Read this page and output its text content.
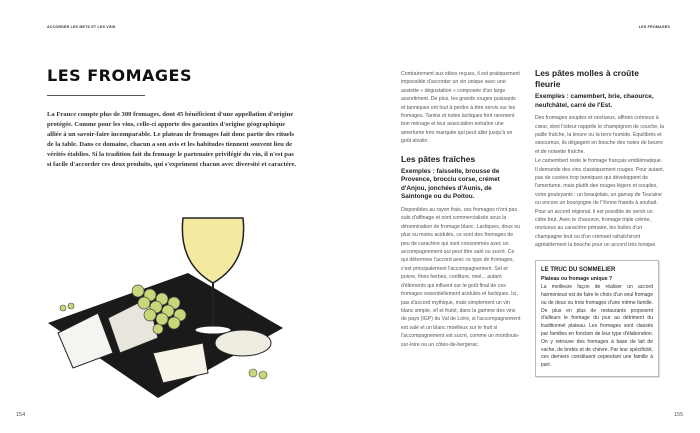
ACCORDER LES METS ET LES VINS	LES FROMAGES
LES FROMAGES
La France compte plus de 300 fromages, dont 45 bénéficient d'une appellation d'origine protégée. Comme pour les vins, celle-ci apporte des garanties d'origine géographique alliée à un savoir-faire incomparable. Le plateau de fromages fait donc partie des rituels de la table. Dans ce domaine, chacun a son avis et les habitudes tiennent souvent lieu de vérités établies. Si la tradition fait du fromage le partenaire privilégié du vin, il n'est pas si facile d'accorder ces deux produits, qui s'expriment chacun avec diversité et caractère.
154

Contrairement aux idées reçues, il est pratiquement impossible d'accorder un vin unique avec une assiette « dégustation » composée d'un large assortiment. De plus, les grands rouges puissants et tanniques ont tout à perdre à être servis sur les fromages. Tanins et notes lactiques font rarement bon ménage et leur association entraîne une amertume très marquée qui peut aller jusqu'à un goût alcalin.

Les pâtes fraîches
Exemples : faisselle, brousse de Provence, brocciu corse, crémet d'Anjou, jonchées d'Aunis, de Saintonge ou du Poitou.

Disponibles au rayon frais, ces fromages n'ont pas subi d'affinage et sont commercialisés sous la dénomination de fromage blanc. Lactiques, doux ou plus ou moins acidulés, ce sont des fromages de peu de caractère qui sont consommés avec un accompagnement qui peut être salé ou sucré. Ce qui détermine l'accord avec ce type de fromages, c'est principalement l'accompagnement. Sel et poivre, fines herbes, confiture, miel... autant d'éléments qui influent sur le goût final de ces fromages essentiellement acidulés et lactiques. Ici, pas d'accord mythique, mais simplement un vin blanc simple, vif et fruité, dans la gamme des vins de pays (IGP) du Val de Loire, si l'accompagnement est salé et un blanc moelleux sur le fruit si l'accompagnement est sucré, comme un montlouis-sur-loire ou un côtes-de-bergerac.

Les pâtes molles à croûte fleurie
Exemples : camembert, brie, chaource, neufchâtel, carré de l'Est.

Des fromages souples et onctueux, affinés crémeux à cœur, dont l'odeur rappelle le champignon de couche, la paille fraîche, la levure ou la terre humide. Équilibrés et savoureux, ils dégagent en bouche des notes de beurre et de noisette fraîche.

Le camembert reste le fromage français emblématique. Il demande des vins classiquement rouges. Pour autant, pas de cuvées trop tanniques qui développent de l'amertume, mais plutôt des rouges légers et souples, voire gouleyants : un beaujolais, un gamay de Touraine ou encore un bourgogne de l'Yonne friands à souhait. Pour un accord régional, il est possible de servir un cidre brut. Avec le chaource, fromage triple crème, onctueux au caractère primaire, les bulles d'un champagne brut ou d'un crémant rafraîchiront agréablement la bouche pour un accord très tonique.

LE TRUC DU SOMMELIER
Plateau ou fromage unique ?
La meilleure façon de réaliser un accord harmonieux est de faire le choix d'un seul fromage ou de deux ou trois fromages d'une même famille. De plus en plus de restaurants proposent d'ailleurs le fromage du jour au détriment du traditionnel plateau. Les fromages sont classés par familles en fonction de leur type d'élaboration. On y retrouve des fromages à base de lait de vache, de brebis et de chèvre. Par leur spécificité, ces derniers constituent cependant une famille à part.
155
